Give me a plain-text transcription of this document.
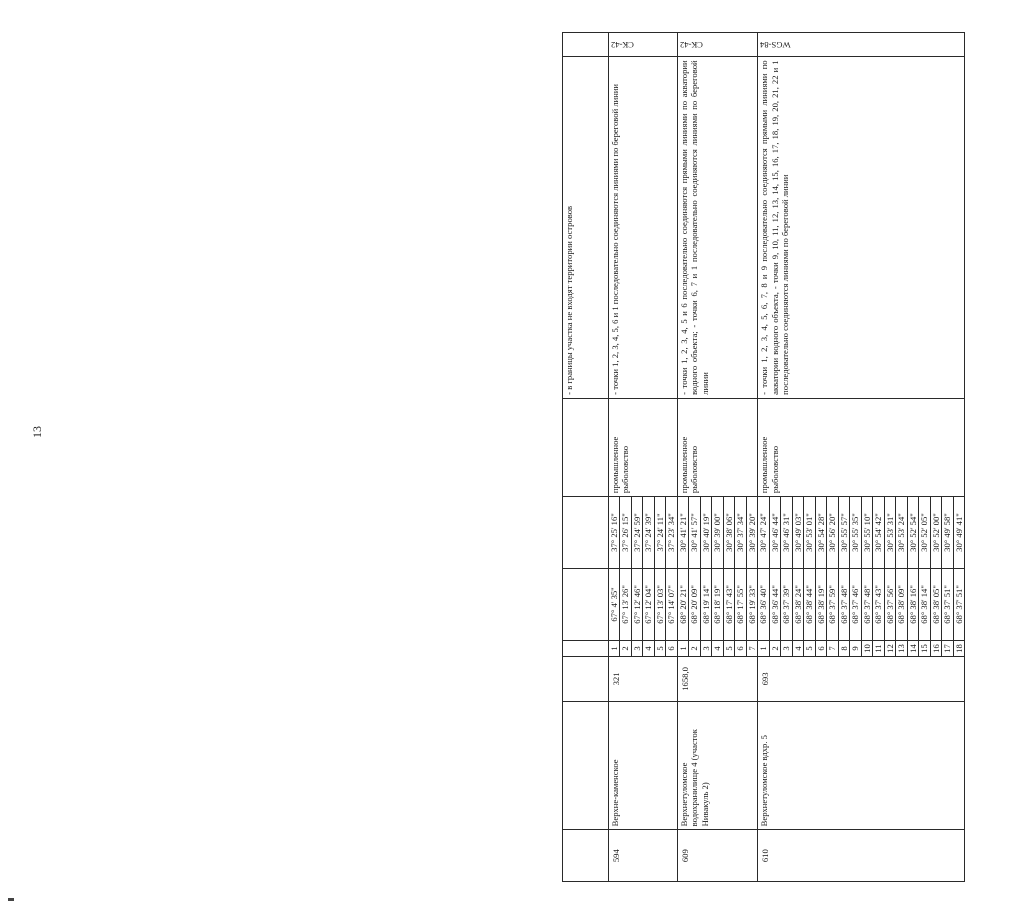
13
							- в границы участка не входят территории островов	
594	Верхне-каменское	321	1	67° 4' 35"	37° 25' 16"	промышленное рыболовство	- точки 1, 2, 3, 4, 5, 6 и 1 последовательно соединяются линиями по береговой линии	СК-42
			2	67° 13' 26"	37° 26' 15"			
			3	67° 12' 46"	37° 24' 59"			
			4	67° 12' 04"	37° 24' 39"			
			5	67° 13' 03"	37° 24' 11"			
			6	67° 14' 07"	37° 23' 34"			
609	Верхнетуломское водохранилище 4 (участок Нивакуль 2)	1658,0	1	68° 20' 21"	30° 41' 21"	промышленное рыболовство	- точки 1, 2, 3, 4, 5 и 6 последовательно соединяются прямыми линиями по акватории водного объекта; - точки 6, 7 и 1 последовательно соединяются линиями по береговой линии	СК-42
			2	68° 20' 09"	30° 41' 57"			
			3	68° 19' 14"	30° 40' 19"			
			4	68° 18' 19"	30° 39' 00"			
			5	68° 17' 43"	30° 38' 06"			
			6	68° 17' 55"	30° 37' 34"			
			7	68° 19' 33"	30° 39' 20"			
610	Верхнетуломское вдхр. 5	693	1	68° 36' 40"	30° 47' 24"	промышленное рыболовство	- точки 1, 2, 3, 4, 5, 6, 7, 8 и 9 последовательно соединяются прямыми линиями по акватории водного объекта, - точки 9, 10, 11, 12, 13, 14, 15, 16, 17, 18, 19, 20, 21, 22 и 1 последовательно соединяются линиями по береговой линии	WGS-84
			2	68° 36' 44"	30° 46' 44"			
			3	68° 37' 39"	30° 46' 31"			
			4	68° 38' 24"	30° 49' 03"			
			5	68° 38' 44"	30° 53' 01"			
			6	68° 38' 19"	30° 54' 28"			
			7	68° 37' 59"	30° 56' 20"			
			8	68° 37' 48"	30° 55' 57"			
			9	68° 37' 46"	30° 55' 35"			
			10	68° 37' 48"	30° 55' 10"			
			11	68° 37' 43"	30° 54' 42"			
			12	68° 37' 56"	30° 53' 31"			
			13	68° 38' 09"	30° 53' 24"			
			14	68° 38' 16"	30° 52' 54"			
			15	68° 38' 14"	30° 52' 05"			
			16	68° 38' 05"	30° 52' 00"			
			17	68° 37' 51"	30° 49' 58"			
			18	68° 37' 51"	30° 49' 41"			
